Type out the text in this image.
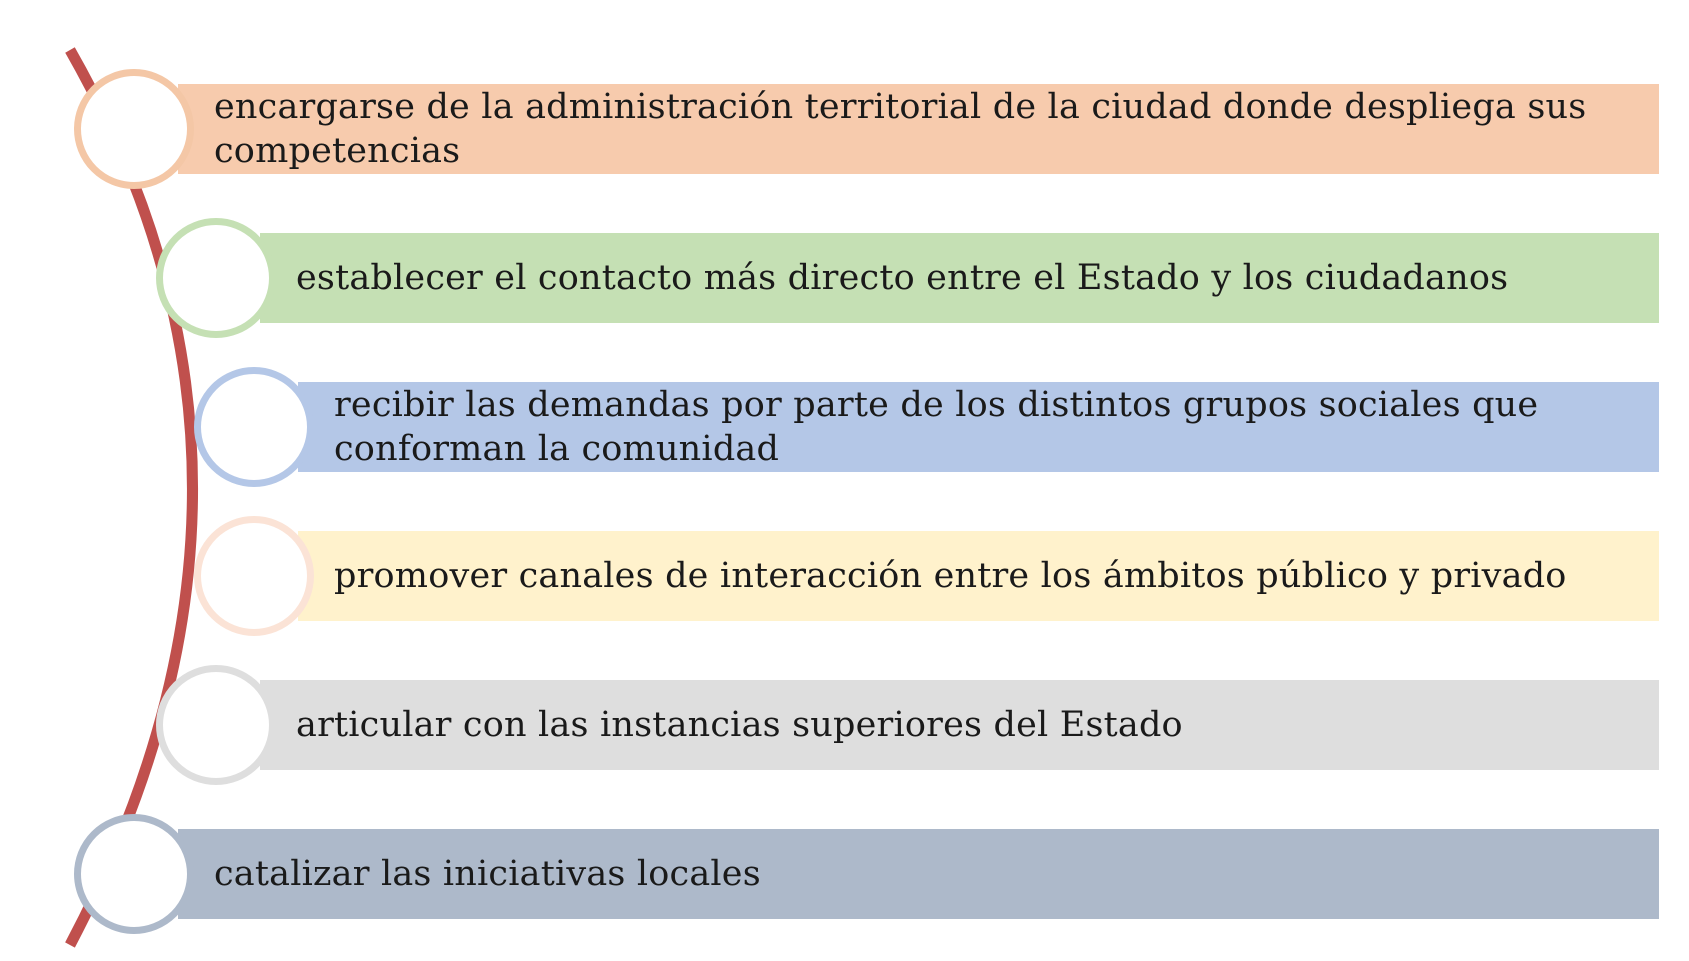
encargarse de la administración territorial de la ciudad donde despliega sus competencias
establecer el contacto más directo entre el Estado y los ciudadanos
recibir las demandas por parte de los distintos grupos sociales que conforman la comunidad
promover canales de interacción entre los ámbitos público y privado
articular con las instancias superiores del Estado
catalizar las iniciativas locales
